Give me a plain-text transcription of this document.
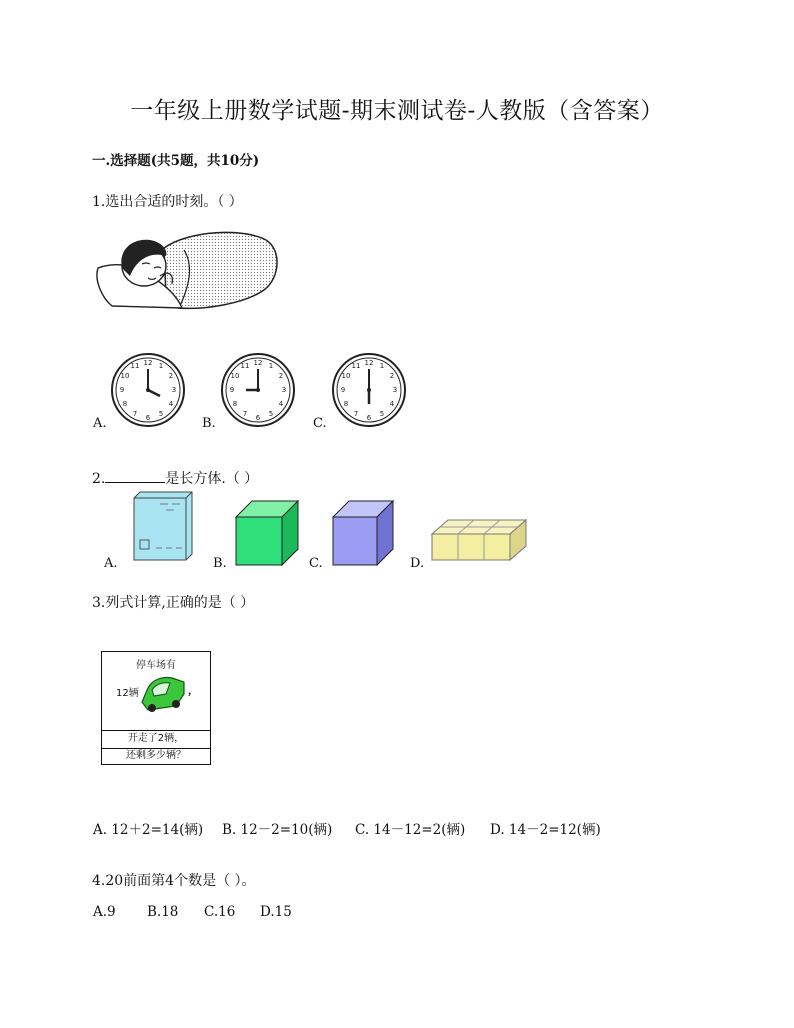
一年级上册数学试题-期末测试卷-人教版（含答案）
一.选择题(共5题，共10分)
1.选出合适的时刻。（ ）
12 1
2
3
4
5
6
7
8
9
10
11
A.
12 1
2
3
4
5
6
7
8
9
10
11
B.
12 1
2
3
4
5
6
7
8
9
10
11
C.
2.	是长方体.（ ）
A.	B.	C.	D.
3.列式计算,正确的是（ ）
停车场有
12辆	，
开走了2辆，
还剩多少辆？
A. 12＋2=14(辆) B. 12－2=10(辆) C. 14－12=2(辆) D. 14－2=12(辆)
4.20前面第4个数是（ ）。
A.9 B.18 C.16 D.15
